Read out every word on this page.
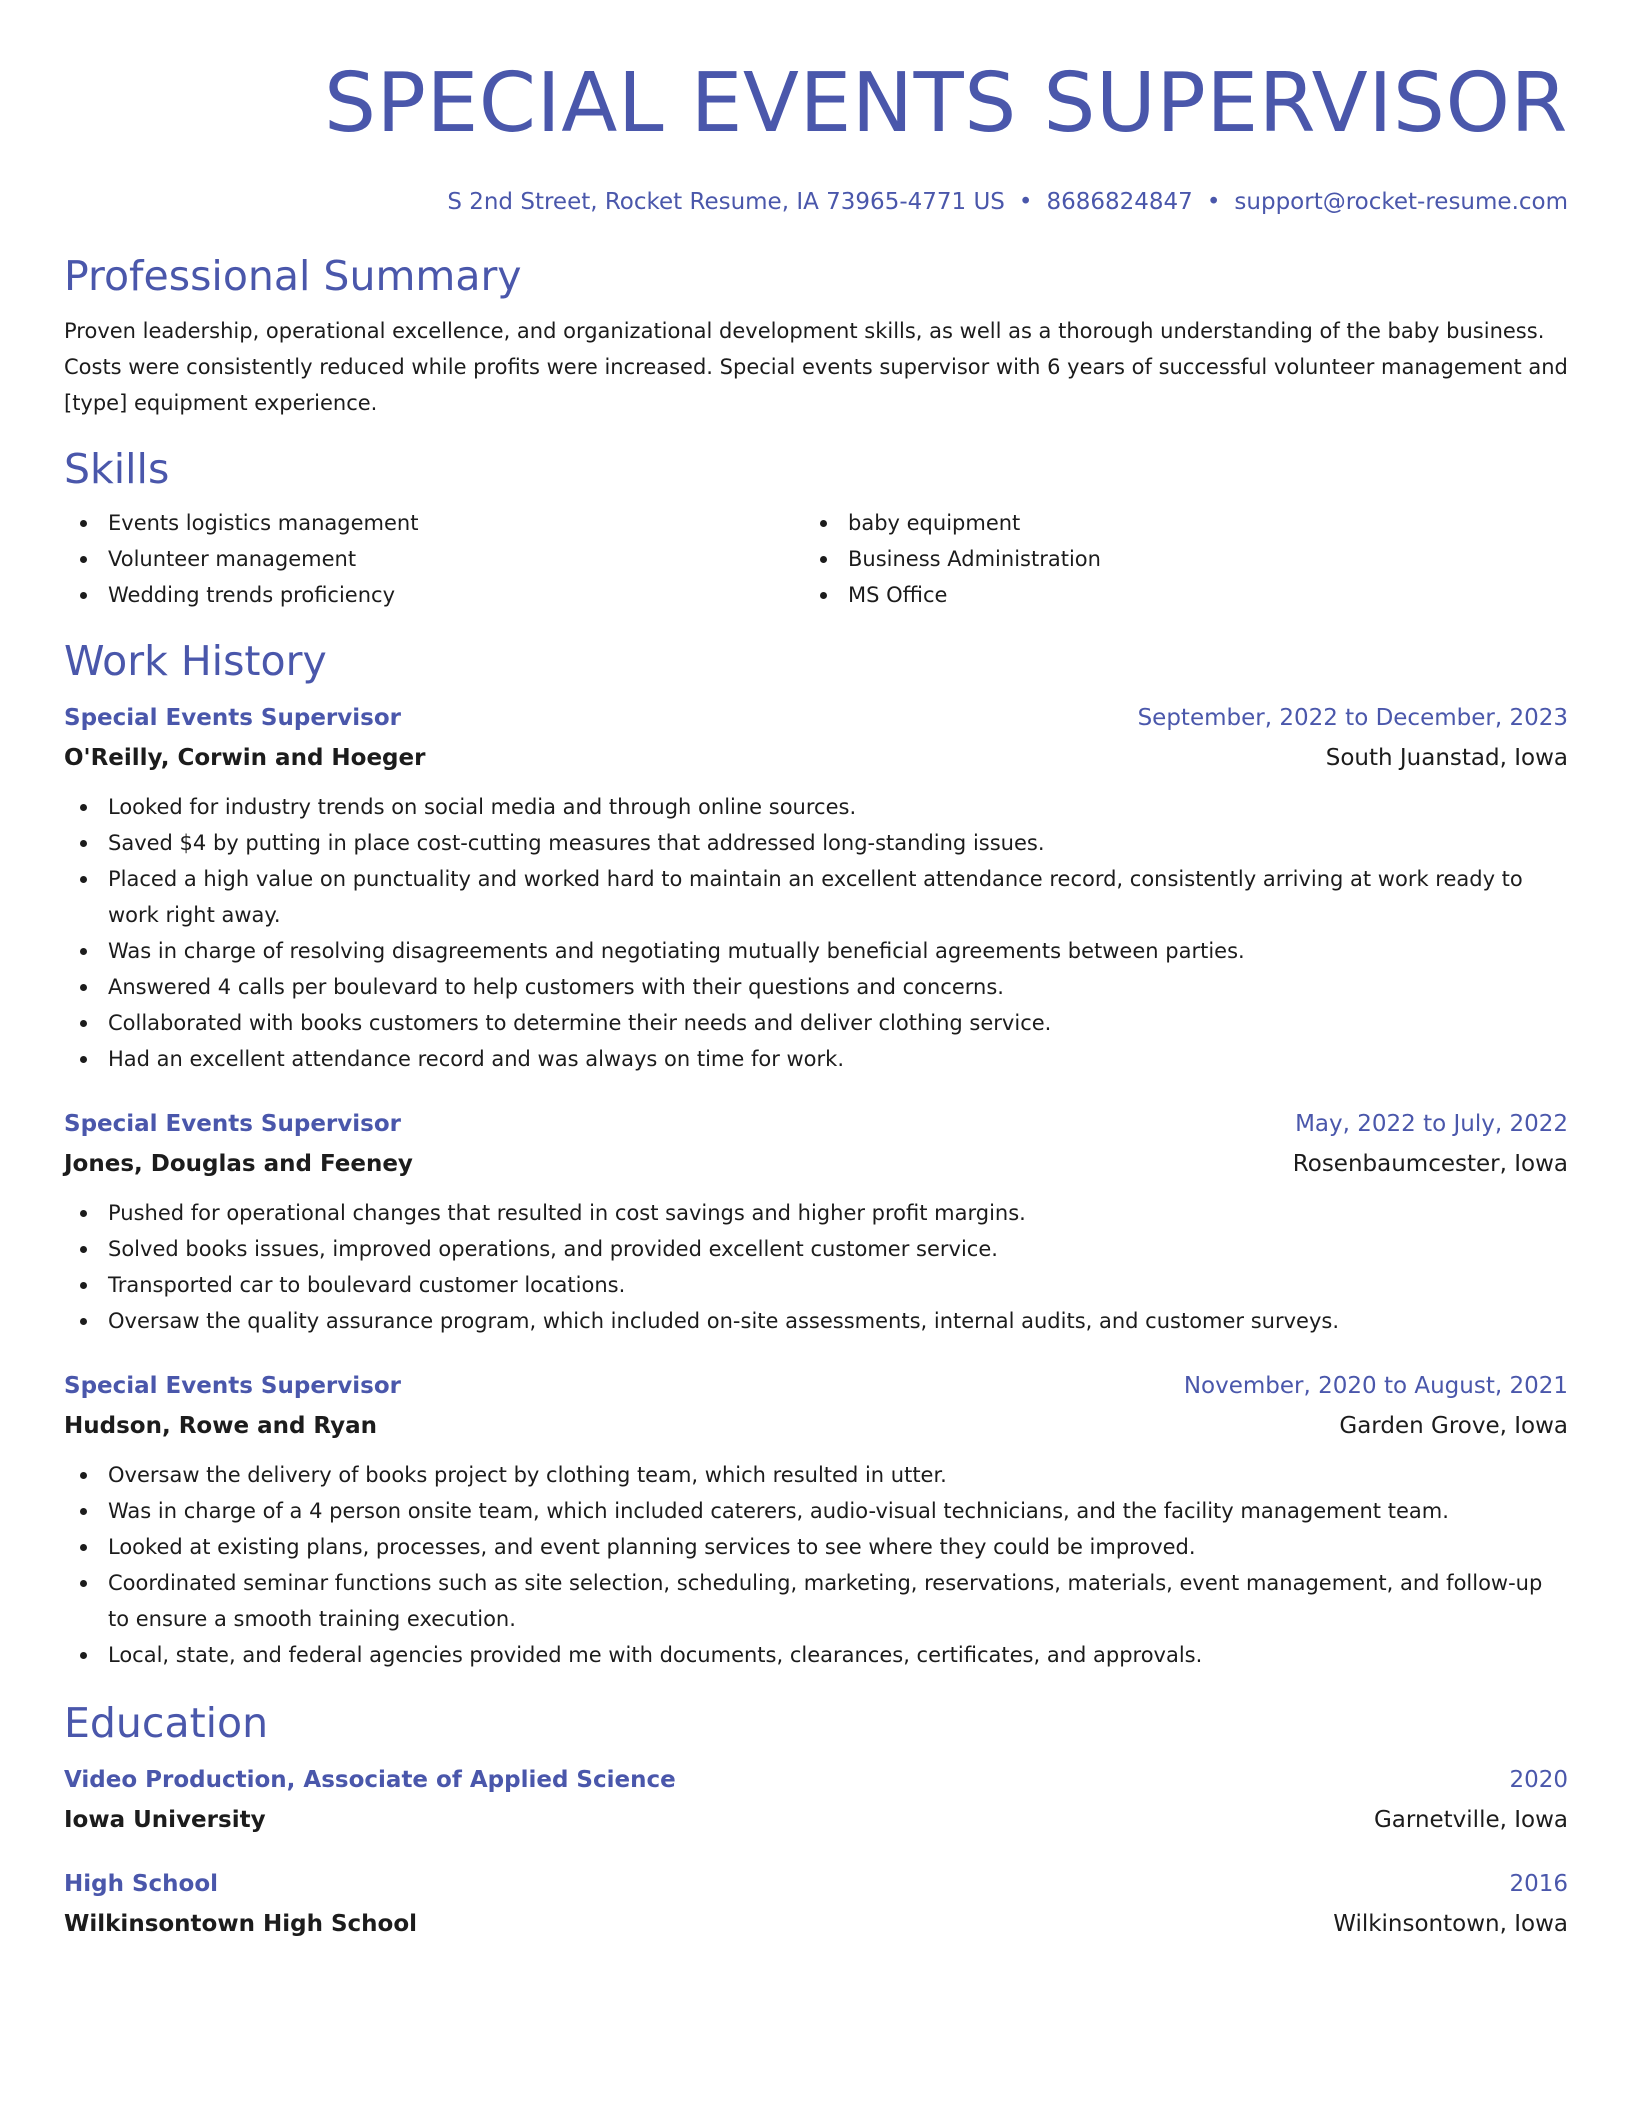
SPECIAL EVENTS SUPERVISOR
S 2nd Street, Rocket Resume, IA 73965-4771 US • 8686824847 • support@rocket-resume.com
Professional Summary

Proven leadership, operational excellence, and organizational development skills, as well as a thorough understanding of the baby business. Costs were consistently reduced while profits were increased. Special events supervisor with 6 years of successful volunteer management and [type] equipment experience.

Skills
Events logistics management
Volunteer management
Wedding trends proficiency
baby equipment
Business Administration
MS Office
Work History
Special Events Supervisor	September, 2022 to December, 2023
O'Reilly, Corwin and Hoeger	South Juanstad, Iowa
Looked for industry trends on social media and through online sources.
Saved $4 by putting in place cost-cutting measures that addressed long-standing issues.
Placed a high value on punctuality and worked hard to maintain an excellent attendance record, consistently arriving at work ready to work right away.
Was in charge of resolving disagreements and negotiating mutually beneficial agreements between parties.
Answered 4 calls per boulevard to help customers with their questions and concerns.
Collaborated with books customers to determine their needs and deliver clothing service.
Had an excellent attendance record and was always on time for work.
Special Events Supervisor	May, 2022 to July, 2022
Jones, Douglas and Feeney	Rosenbaumcester, Iowa
Pushed for operational changes that resulted in cost savings and higher profit margins.
Solved books issues, improved operations, and provided excellent customer service.
Transported car to boulevard customer locations.
Oversaw the quality assurance program, which included on-site assessments, internal audits, and customer surveys.
Special Events Supervisor	November, 2020 to August, 2021
Hudson, Rowe and Ryan	Garden Grove, Iowa
Oversaw the delivery of books project by clothing team, which resulted in utter.
Was in charge of a 4 person onsite team, which included caterers, audio-visual technicians, and the facility management team.
Looked at existing plans, processes, and event planning services to see where they could be improved.
Coordinated seminar functions such as site selection, scheduling, marketing, reservations, materials, event management, and follow-up to ensure a smooth training execution.
Local, state, and federal agencies provided me with documents, clearances, certificates, and approvals.
Education
Video Production, Associate of Applied Science	2020
Iowa University	Garnetville, Iowa
High School	2016
Wilkinsontown High School	Wilkinsontown, Iowa
